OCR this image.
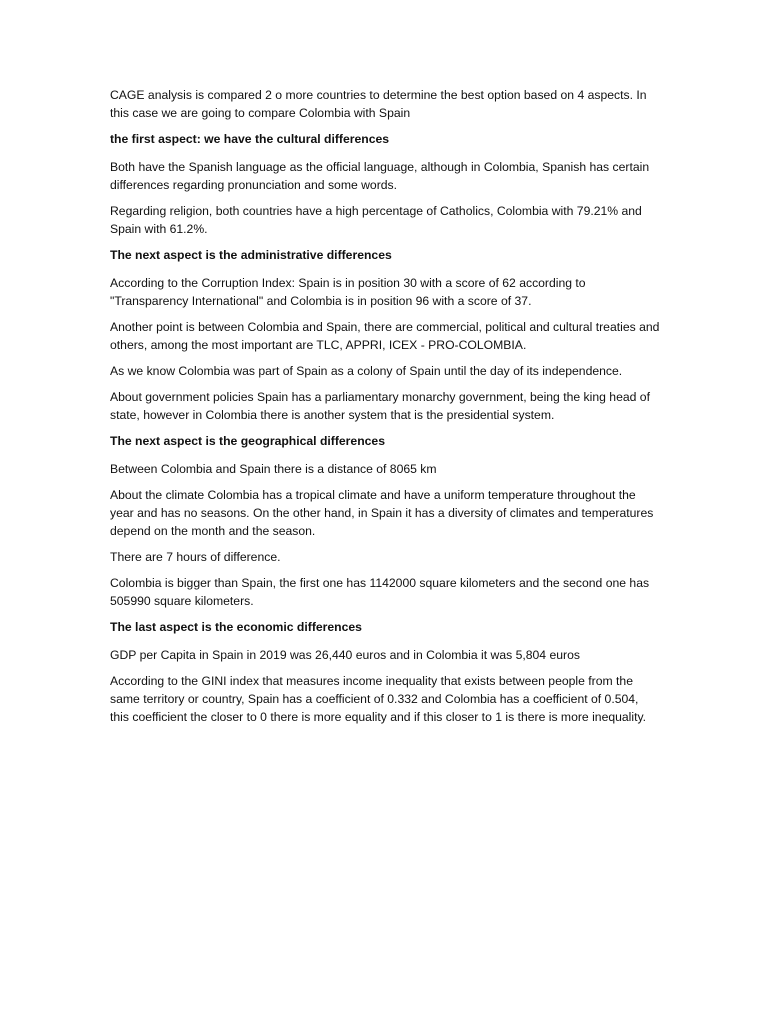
CAGE analysis is compared 2 o more countries to determine the best option based on 4 aspects. In this case we are going to compare Colombia with Spain

the first aspect: we have the cultural differences

Both have the Spanish language as the official language, although in Colombia, Spanish has certain differences regarding pronunciation and some words.

Regarding religion, both countries have a high percentage of Catholics, Colombia with 79.21% and Spain with 61.2%.

The next aspect is the administrative differences

According to the Corruption Index: Spain is in position 30 with a score of 62 according to "Transparency International" and Colombia is in position 96 with a score of 37.

Another point is between Colombia and Spain, there are commercial, political and cultural treaties and others, among the most important are TLC, APPRI, ICEX - PRO-COLOMBIA.

As we know Colombia was part of Spain as a colony of Spain until the day of its independence.

About government policies Spain has a parliamentary monarchy government, being the king head of state, however in Colombia there is another system that is the presidential system.

The next aspect is the geographical differences

Between Colombia and Spain there is a distance of 8065 km

About the climate Colombia has a tropical climate and have a uniform temperature throughout the year and has no seasons. On the other hand, in Spain it has a diversity of climates and temperatures depend on the month and the season.

There are 7 hours of difference.

Colombia is bigger than Spain, the first one has 1142000 square kilometers and the second one has 505990 square kilometers.

The last aspect is the economic differences

GDP per Capita in Spain in 2019 was 26,440 euros and in Colombia it was 5,804 euros

According to the GINI index that measures income inequality that exists between people from the same territory or country, Spain has a coefficient of 0.332 and Colombia has a coefficient of 0.504, this coefficient the closer to 0 there is more equality and if this closer to 1 is there is more inequality.
